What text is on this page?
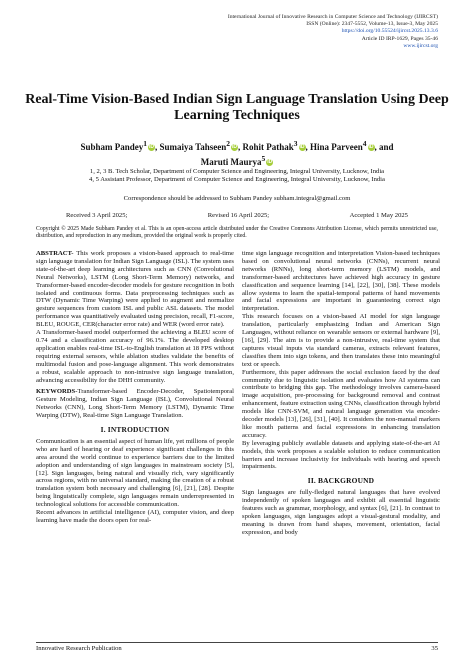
International Journal of Innovative Research in Computer Science and Technology (IJIRCST)
ISSN (Online): 2347-5552, Volume-13, Issue-3, May 2025
https://doi.org/10.55524/ijircst.2025.13.3.6
Article ID IRP-1629, Pages 35-46
www.ijircst.org
Real-Time Vision-Based Indian Sign Language Translation Using Deep Learning Techniques
Subham Pandey$^1$ iD, Sumaiya Tahseen$^2$ iD, Rohit Pathak$^3$ iD, Hina Parveen$^4$ iD, and
Maruti Maurya$^5$ iD
1, 2, 3 B. Tech Scholar, Department of Computer Science and Engineering, Integral University, Lucknow, India
4, 5 Assistant Professor, Department of Computer Science and Engineering, Integral University, Lucknow, India
Correspondence should be addressed to Subham Pandey subham.integral@gmail.com
Received 3 April 2025;	Revised 16 April 2025;	Accepted 1 May 2025
Copyright © 2025 Made Subham Pandey et al. This is an open-access article distributed under the Creative Commons Attribution License, which permits unrestricted use, distribution, and reproduction in any medium, provided the original work is properly cited.

ABSTRACT- This work proposes a vision-based approach to real-time sign language translation for Indian Sign Language (ISL). The system uses state-of-the-art deep learning architectures such as CNN (Convolutional Neural Networks), LSTM (Long Short-Term Memory) networks, and Transformer-based encoder-decoder models for gesture recognition in both isolated and continuous forms. Data preprocessing techniques such as DTW (Dynamic Time Warping) were applied to augment and normalize gesture sequences from custom ISL and public ASL datasets. The model performance was quantitatively evaluated using precision, recall, F1-score, BLEU, ROUGE, CER(character error rate) and WER (word error rate).

A Transformer-based model outperformed the achieving a BLEU score of 0.74 and a classification accuracy of 96.1%. The developed desktop application enables real-time ISL-to-English translation at 18 FPS without requiring external sensors, while ablation studies validate the benefits of multimodal fusion and pose-language alignment. This work demonstrates a robust, scalable approach to non-intrusive sign language translation, advancing accessibility for the DHH community.

KEYWORDS-Transformer-based Encoder-Decoder, Spatiotemporal Gesture Modeling, Indian Sign Language (ISL), Convolutional Neural Networks (CNN), Long Short-Term Memory (LSTM), Dynamic Time Warping (DTW), Real-time Sign Language Translation.

I. INTRODUCTION

Communication is an essential aspect of human life, yet millions of people who are hard of hearing or deaf experience significant challenges in this area around the world continue to experience barriers due to the limited adoption and understanding of sign languages in mainstream society [5], [12]. Sign languages, being natural and visually rich, vary significantly across regions, with no universal standard, making the creation of a robust translation system both necessary and challenging [6], [21], [28]. Despite being linguistically complete, sign languages remain underrepresented in technological solutions for accessible communication.

Recent advances in artificial intelligence (AI), computer vision, and deep learning have made the doors open for real-

time sign language recognition and interpretation Vision-based techniques based on convolutional neural networks (CNNs), recurrent neural networks (RNNs), long short-term memory (LSTM) models, and transformer-based architectures have achieved high accuracy in gesture classification and sequence learning [14], [22], [30], [38]. These models allow systems to learn the spatial-temporal patterns of hand movements and facial expressions are important in guaranteeing correct sign interpretation.

This research focuses on a vision-based AI model for sign language translation, particularly emphasizing Indian and American Sign Languages, without reliance on wearable sensors or external hardware [9], [16], [29]. The aim is to provide a non-intrusive, real-time system that captures visual inputs via standard cameras, extracts relevant features, classifies them into sign tokens, and then translates these into meaningful text or speech.

Furthermore, this paper addresses the social exclusion faced by the deaf community due to linguistic isolation and evaluates how AI systems can contribute to bridging this gap. The methodology involves camera-based image acquisition, pre-processing for background removal and contrast enhancement, feature extraction using CNNs, classification through hybrid models like CNN-SVM, and natural language generation via encoder-decoder models [13], [26], [31], [40]. It considers the non-manual markers like mouth patterns and facial expressions in enhancing translation accuracy.

By leveraging publicly available datasets and applying state-of-the-art AI models, this work proposes a scalable solution to reduce communication barriers and increase inclusivity for individuals with hearing and speech impairments.

II. BACKGROUND

Sign languages are fully-fledged natural languages that have evolved independently of spoken languages and exhibit all essential linguistic features such as grammar, morphology, and syntax [6], [21]. In contrast to spoken languages, sign languages adopt a visual-gestural modality, and meaning is drawn from hand shapes, movement, orientation, facial expression, and body

Innovative Research Publication	35
